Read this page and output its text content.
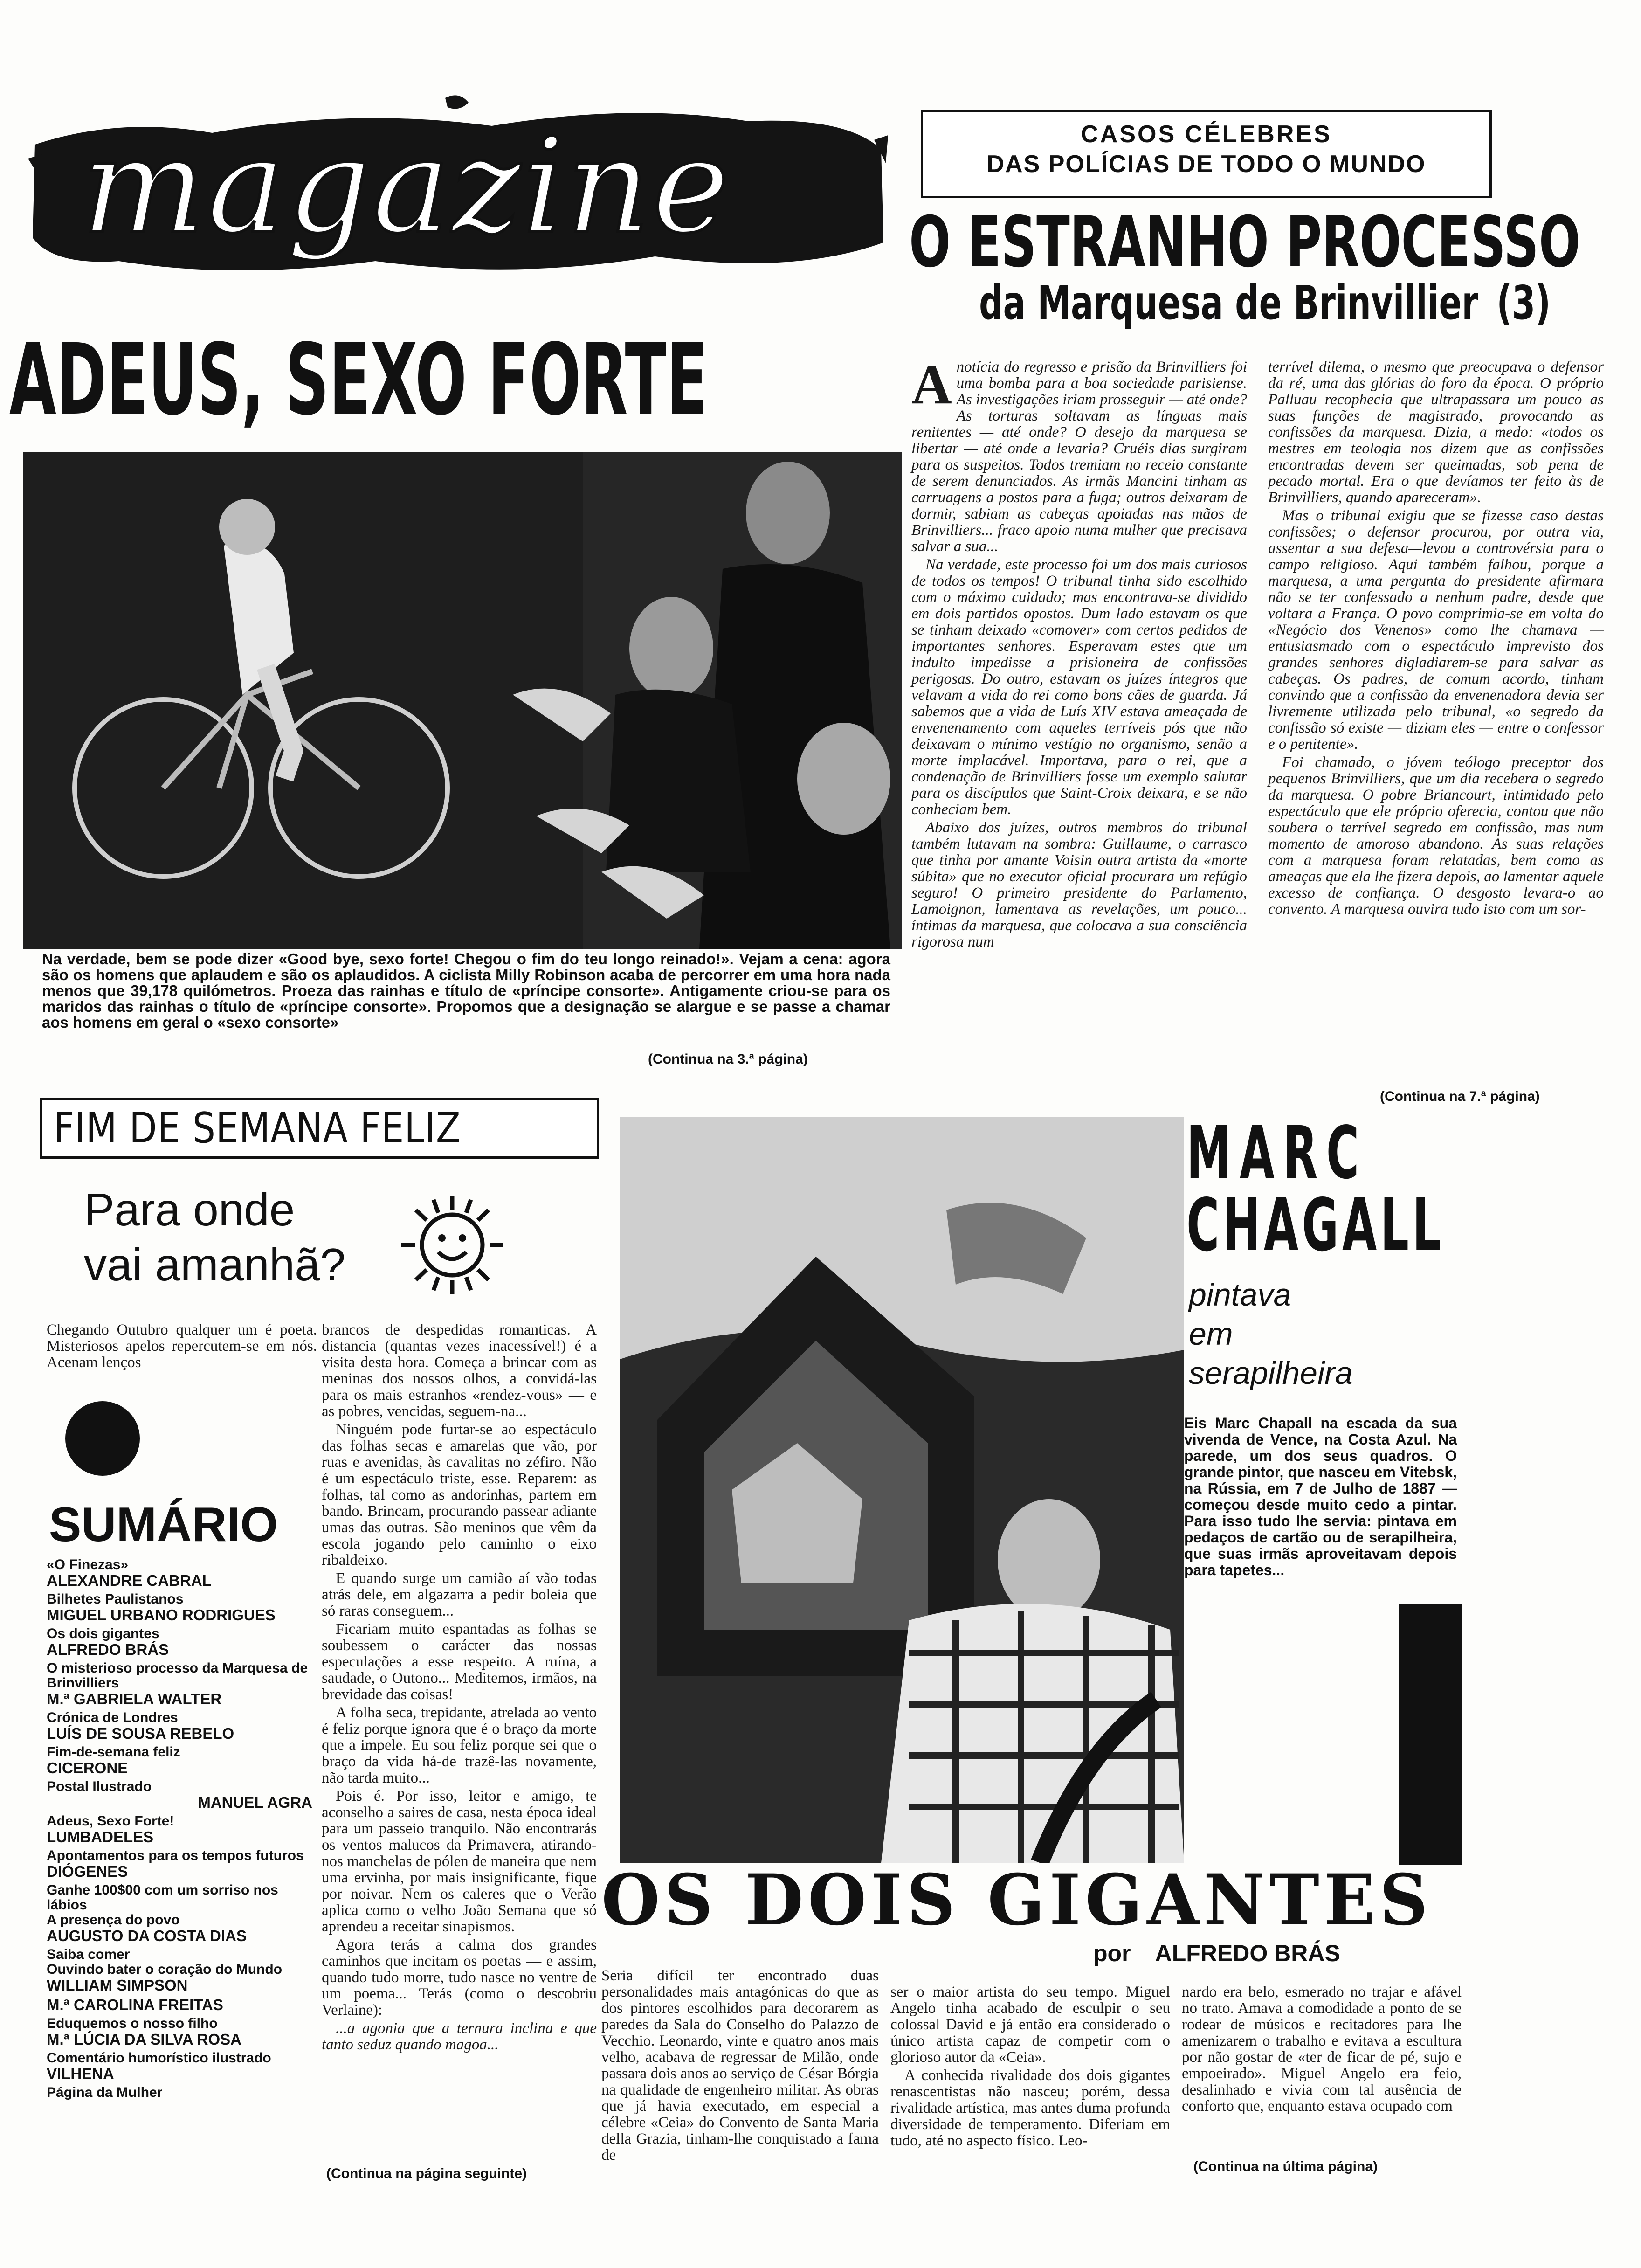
magazine	CASOS CÉLEBRES
DAS POLÍCIAS DE TODO O MUNDO
O ESTRANHO PROCESSO
da Marquesa de Brinvillier (3)
A notícia do regresso e prisão da Brinvilliers foi uma bomba para a boa sociedade parisiense. As investigações iriam prosseguir — até onde? As torturas soltavam as línguas mais renitentes — até onde? O desejo da marquesa se libertar — até onde a levaria? Cruéis dias surgiram para os suspeitos. Todos tremiam no receio constante de serem denunciados. As irmãs Mancini tinham as carruagens a postos para a fuga; outros deixaram de dormir, sabiam as cabeças apoiadas nas mãos de Brinvilliers... fraco apoio numa mulher que precisava salvar a sua...

Na verdade, este processo foi um dos mais curiosos de todos os tempos! O tribunal tinha sido escolhido com o máximo cuidado; mas encontrava-se dividido em dois partidos opostos. Dum lado estavam os que se tinham deixado «comover» com certos pedidos de importantes senhores. Esperavam estes que um indulto impedisse a prisioneira de confissões perigosas. Do outro, estavam os juízes íntegros que velavam a vida do rei como bons cães de guarda. Já sabemos que a vida de Luís XIV estava ameaçada de envenenamento com aqueles terríveis pós que não deixavam o mínimo vestígio no organismo, senão a morte implacável. Importava, para o rei, que a condenação de Brinvilliers fosse um exemplo salutar para os discípulos que Saint-Croix deixara, e se não conheciam bem.

Abaixo dos juízes, outros membros do tribunal também lutavam na sombra: Guillaume, o carrasco que tinha por amante Voisin outra artista da «morte súbita» que no executor oficial procurara um refúgio seguro! O primeiro presidente do Parlamento, Lamoignon, lamentava as revelações, um pouco... íntimas da marquesa, que colocava a sua consciência rigorosa num

terrível dilema, o mesmo que preocupava o defensor da ré, uma das glórias do foro da época. O próprio Palluau recophecia que ultrapassara um pouco as suas funções de magistrado, provocando as confissões da marquesa. Dizia, a medo: «todos os mestres em teologia nos dizem que as confissões encontradas devem ser queimadas, sob pena de pecado mortal. Era o que devíamos ter feito às de Brinvilliers, quando apareceram».

Mas o tribunal exigiu que se fizesse caso destas confissões; o defensor procurou, por outra via, assentar a sua defesa—levou a controvérsia para o campo religioso. Aqui também falhou, porque a marquesa, a uma pergunta do presidente afirmara não se ter confessado a nenhum padre, desde que voltara a França. O povo comprimia-se em volta do «Negócio dos Venenos» como lhe chamava — entusiasmado com o espectáculo imprevisto dos grandes senhores digladiarem-se para salvar as cabeças. Os padres, de comum acordo, tinham convindo que a confissão da envenenadora devia ser livremente utilizada pelo tribunal, «o segredo da confissão só existe — diziam eles — entre o confessor e o penitente».

Foi chamado, o jóvem teólogo preceptor dos pequenos Brinvilliers, que um dia recebera o segredo da marquesa. O pobre Briancourt, intimidado pelo espectáculo que ele próprio oferecia, contou que não soubera o terrível segredo em confissão, mas num momento de amoroso abandono. As suas relações com a marquesa foram relatadas, bem como as ameaças que ela lhe fizera depois, ao lamentar aquele excesso de confiança. O desgosto levara-o ao convento. A marquesa ouvira tudo isto com um sor-

(Continua na 7.ª página)
ADEUS, SEXO FORTE
Na verdade, bem se pode dizer «Good bye, sexo forte! Chegou o fim do teu longo reinado!». Vejam a cena: agora são os homens que aplaudem e são os aplaudidos. A ciclista Milly Robinson acaba de percorrer em uma hora nada menos que 39,178 quilómetros. Proeza das rainhas e título de «príncipe consorte». Antigamente criou-se para os maridos das rainhas o título de «príncipe consorte». Propomos que a designação se alargue e se passe a chamar aos homens em geral o «sexo consorte»
(Continua na 3.ª página)
FIM DE SEMANA FELIZ
Para onde
vai amanhã?
Chegando Outubro qualquer um é poeta. Misteriosos apelos repercutem-se em nós. Acenam lenços

brancos de despedidas romanticas. A distancia (quantas vezes inacessível!) é a visita desta hora. Começa a brincar com as meninas dos nossos olhos, a convidá-las para os mais estranhos «rendez-vous» — e as pobres, vencidas, seguem-na...

Ninguém pode furtar-se ao espectáculo das folhas secas e amarelas que vão, por ruas e avenidas, às cavalitas no zéfiro. Não é um espectáculo triste, esse. Reparem: as folhas, tal como as andorinhas, partem em bando. Brincam, procurando passear adiante umas das outras. São meninos que vêm da escola jogando pelo caminho o eixo ribaldeixo.

E quando surge um camião aí vão todas atrás dele, em algazarra a pedir boleia que só raras conseguem...

Ficariam muito espantadas as folhas se soubessem o carácter das nossas especulações a esse respeito. A ruína, a saudade, o Outono... Meditemos, irmãos, na brevidade das coisas!

A folha seca, trepidante, atrelada ao vento é feliz porque ignora que é o braço da morte que a impele. Eu sou feliz porque sei que o braço da vida há-de trazê-las novamente, não tarda muito...

Pois é. Por isso, leitor e amigo, te aconselho a saires de casa, nesta época ideal para um passeio tranquilo. Não encontrarás os ventos malucos da Primavera, atirando-nos manchelas de pólen de maneira que nem uma ervinha, por mais insignificante, fique por noivar. Nem os caleres que o Verão aplica como o velho João Semana que só aprendeu a receitar sinapismos.

Agora terás a calma dos grandes caminhos que incitam os poetas — e assim, quando tudo morre, tudo nasce no ventre de um poema... Terás (como o descobriu Verlaine):

...a agonia que a ternura inclina e que tanto seduz quando magoa...

(Continua na página seguinte)
SUMÁRIO
«O Finezas»
ALEXANDRE CABRAL
Bilhetes Paulistanos
MIGUEL URBANO RODRIGUES
Os dois gigantes
ALFREDO BRÁS
O misterioso processo da Marquesa de Brinvilliers
M.ª GABRIELA WALTER
Crónica de Londres
LUÍS DE SOUSA REBELO
Fim-de-semana feliz
CICERONE
Postal Ilustrado
MANUEL AGRA
Adeus, Sexo Forte!
LUMBADELES
Apontamentos para os tempos futuros
DIÓGENES
Ganhe 100$00 com um sorriso nos lábios
A presença do povo
AUGUSTO DA COSTA DIAS
Saiba comer
Ouvindo bater o coração do Mundo
WILLIAM SIMPSON
M.ª CAROLINA FREITAS
Eduquemos o nosso filho
M.ª LÚCIA DA SILVA ROSA
Comentário humorístico ilustrado
VILHENA
Página da Mulher
MARC
CHAGALL
pintava
em
serapilheira
Eis Marc Chapall na escada da sua vivenda de Vence, na Costa Azul. Na parede, um dos seus quadros. O grande pintor, que nasceu em Vitebsk, na Rússia, em 7 de Julho de 1887 — começou desde muito cedo a pintar. Para isso tudo lhe servia: pintava em pedaços de cartão ou de serapilheira, que suas irmãs aproveitavam depois para tapetes...
OS DOIS GIGANTES
por ALFREDO BRÁS
Seria difícil ter encontrado duas personalidades mais antagónicas do que as dos pintores escolhidos para decorarem as paredes da Sala do Conselho do Palazzo de Vecchio. Leonardo, vinte e quatro anos mais velho, acabava de regressar de Milão, onde passara dois anos ao serviço de César Bórgia na qualidade de engenheiro militar. As obras que já havia executado, em especial a célebre «Ceia» do Convento de Santa Maria della Grazia, tinham-lhe conquistado a fama de

ser o maior artista do seu tempo. Miguel Angelo tinha acabado de esculpir o seu colossal David e já então era considerado o único artista capaz de competir com o glorioso autor da «Ceia».

A conhecida rivalidade dos dois gigantes renascentistas não nasceu; porém, dessa rivalidade artística, mas antes duma profunda diversidade de temperamento. Diferiam em tudo, até no aspecto físico. Leo-

nardo era belo, esmerado no trajar e afável no trato. Amava a comodidade a ponto de se rodear de músicos e recitadores para lhe amenizarem o trabalho e evitava a escultura por não gostar de «ter de ficar de pé, sujo e empoeirado». Miguel Angelo era feio, desalinhado e vivia com tal ausência de conforto que, enquanto estava ocupado com
(Continua na última página)
